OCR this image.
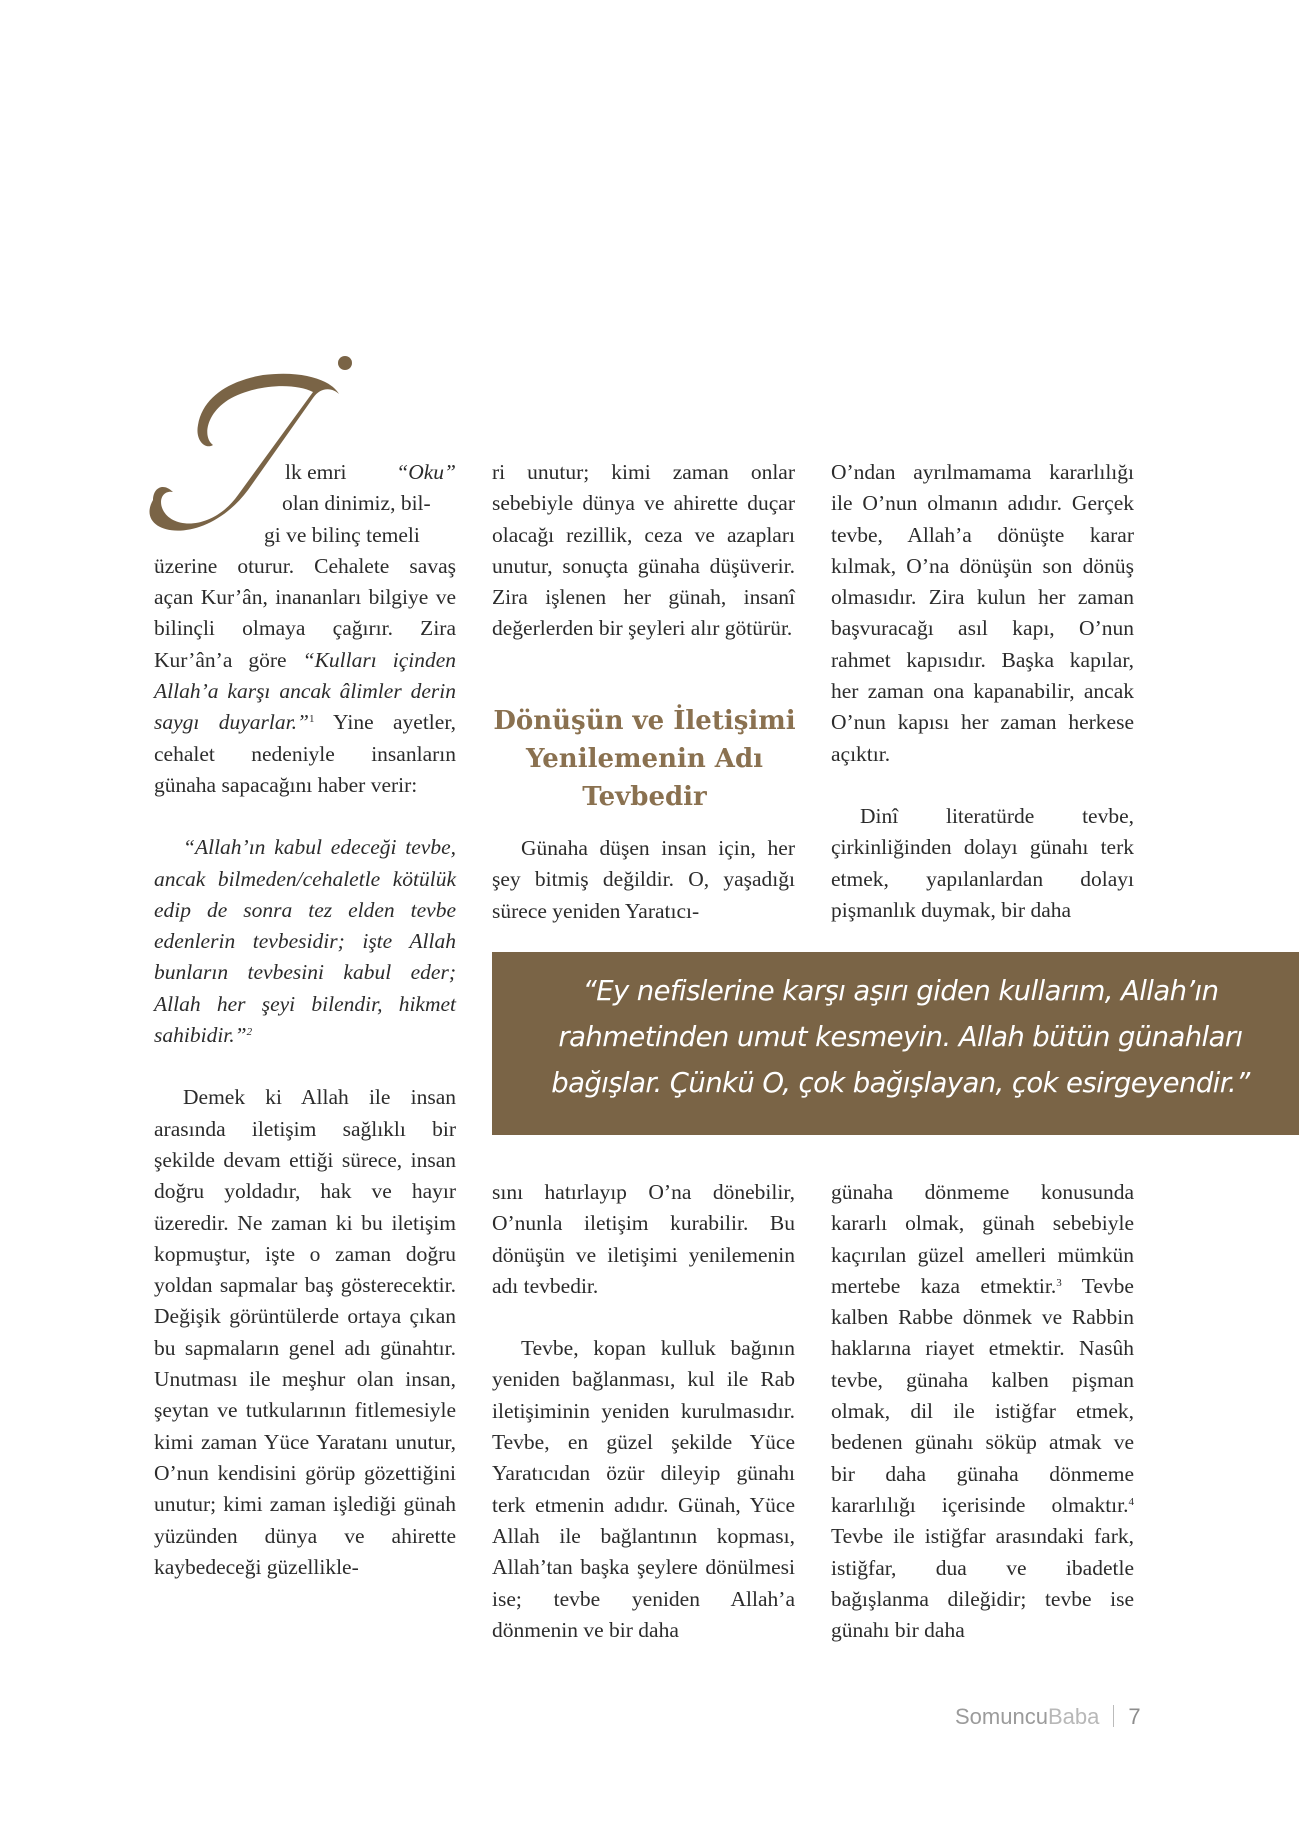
lk emri “Oku”
olan dinimiz, bil-
gi ve bilinç temeli

üzerine oturur. Cehalete savaş açan Kur’ân, inananları bilgiye ve bilinçli olmaya çağırır. Zira Kur’ân’a göre “Kulları içinden Allah’a karşı ancak âlimler derin saygı duyarlar.”$^1$ Yine ayetler, cehalet nedeniyle insanların günaha sapacağını haber verir:

“Allah’ın kabul edeceği tevbe, ancak bilmeden/cehaletle kötülük edip de sonra tez elden tevbe edenlerin tevbesidir; işte Allah bunların tevbesini kabul eder; Allah her şeyi bilendir, hikmet sahibidir.”$^2$

Demek ki Allah ile insan arasında iletişim sağlıklı bir şekilde devam ettiği sürece, insan doğru yoldadır, hak ve hayır üzeredir. Ne zaman ki bu iletişim kopmuştur, işte o zaman doğru yoldan sapmalar baş gösterecektir. Değişik görüntülerde ortaya çıkan bu sapmaların genel adı günahtır. Unutması ile meşhur olan insan, şeytan ve tutkularının fitlemesiyle kimi zaman Yüce Yaratanı unutur, O’nun kendisini görüp gözettiğini unutur; kimi zaman işlediği günah yüzünden dünya ve ahirette kaybedeceği güzellikle-

ri unutur; kimi zaman onlar sebebiyle dünya ve ahirette duçar olacağı rezillik, ceza ve azapları unutur, sonuçta günaha düşüverir. Zira işlenen her günah, insanî değerlerden bir şeyleri alır götürür.

Dönüşün ve İletişimi Yenilemenin Adı Tevbedir

Günaha düşen insan için, her şey bitmiş değildir. O, yaşadığı sürece yeniden Yaratıcı-

O’ndan ayrılmamama kararlılığı ile O’nun olmanın adıdır. Gerçek tevbe, Allah’a dönüşte karar kılmak, O’na dönüşün son dönüş olmasıdır. Zira kulun her zaman başvuracağı asıl kapı, O’nun rahmet kapısıdır. Başka kapılar, her zaman ona kapanabilir, ancak O’nun kapısı her zaman herkese açıktır.

Dinî literatürde tevbe, çirkinliğinden dolayı günahı terk etmek, yapılanlardan dolayı pişmanlık duymak, bir daha

“Ey nefislerine karşı aşırı giden kullarım, Allah’ın
rahmetinden umut kesmeyin. Allah bütün günahları
bağışlar. Çünkü O, çok bağışlayan, çok esirgeyendir.”

sını hatırlayıp O’na dönebilir, O’nunla iletişim kurabilir. Bu dönüşün ve iletişimi yenilemenin adı tevbedir.

Tevbe, kopan kulluk bağının yeniden bağlanması, kul ile Rab iletişiminin yeniden kurulmasıdır. Tevbe, en güzel şekilde Yüce Yaratıcıdan özür dileyip günahı terk etmenin adıdır. Günah, Yüce Allah ile bağlantının kopması, Allah’tan başka şeylere dönülmesi ise; tevbe yeniden Allah’a dönmenin ve bir daha

günaha dönmeme konusunda kararlı olmak, günah sebebiyle kaçırılan güzel amelleri mümkün mertebe kaza etmektir.$^3$ Tevbe kalben Rabbe dönmek ve Rabbin haklarına riayet etmektir. Nasûh tevbe, günaha kalben pişman olmak, dil ile istiğfar etmek, bedenen günahı söküp atmak ve bir daha günaha dönmeme kararlılığı içerisinde olmaktır.$^4$ Tevbe ile istiğfar arasındaki fark, istiğfar, dua ve ibadetle bağışlanma dileğidir; tevbe ise günahı bir daha

SomuncuBaba 7
